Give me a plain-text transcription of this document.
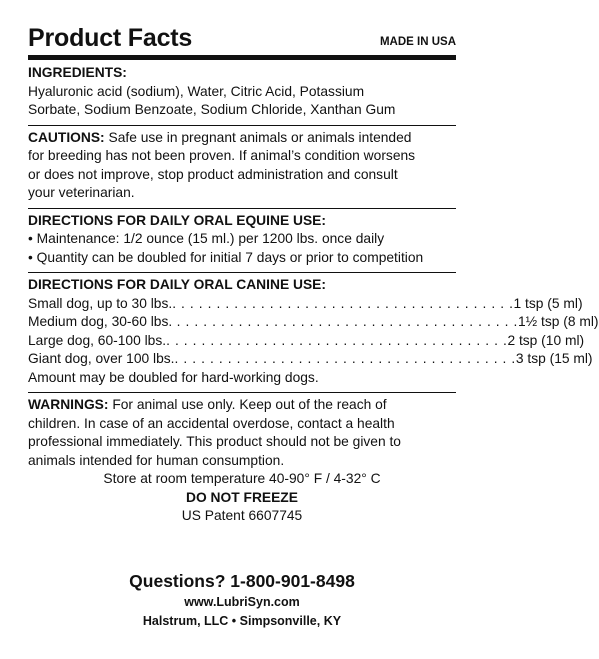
Product Facts	MADE IN USA
INGREDIENTS:
Hyaluronic acid (sodium), Water, Citric Acid, Potassium
Sorbate, Sodium Benzoate, Sodium Chloride, Xanthan Gum
CAUTIONS: Safe use in pregnant animals or animals intended
for breeding has not been proven. If animal’s condition worsens
or does not improve, stop product administration and consult
your veterinarian.
DIRECTIONS FOR DAILY ORAL EQUINE USE:
• Maintenance: 1/2 ounce (15 ml.) per 1200 lbs. once daily
• Quantity can be doubled for initial 7 days or prior to competition
DIRECTIONS FOR DAILY ORAL CANINE USE:
Small dog, up to 30 lbs. . . . . . . . . . . . . . . . . . . . . . . . . . . . . . . . . . . . . . . . 1 tsp (5 ml)
Medium dog, 30-60 lbs. . . . . . . . . . . . . . . . . . . . . . . . . . . . . . . . . . . . . . . . 1½ tsp (8 ml)
Large dog, 60-100 lbs. . . . . . . . . . . . . . . . . . . . . . . . . . . . . . . . . . . . . . . . 2 tsp (10 ml)
Giant dog, over 100 lbs. . . . . . . . . . . . . . . . . . . . . . . . . . . . . . . . . . . . . . . . 3 tsp (15 ml)
Amount may be doubled for hard-working dogs.
WARNINGS: For animal use only. Keep out of the reach of
children. In case of an accidental overdose, contact a health
professional immediately. This product should not be given to
animals intended for human consumption.
Store at room temperature 40-90° F / 4-32° C
DO NOT FREEZE
US Patent 6607745
Questions? 1-800-901-8498
www.LubriSyn.com
Halstrum, LLC • Simpsonville, KY
